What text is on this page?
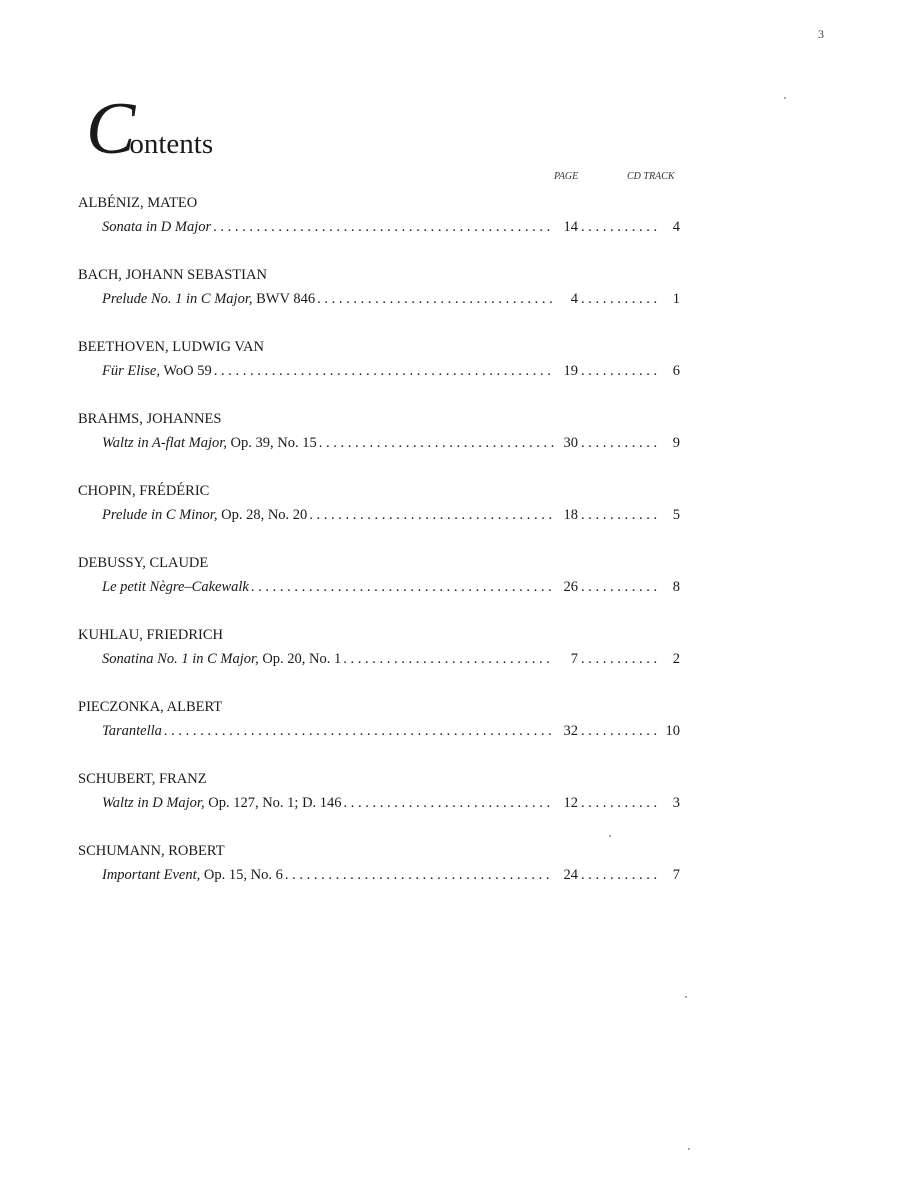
3
C ontents
PAGE	CD TRACK
ALBÉNIZ, MATEO
Sonata in D Major . . .	14 . . .	4
BACH, JOHANN SEBASTIAN
Prelude No. 1 in C Major, BWV 846 . . .	4 . . .	1
BEETHOVEN, LUDWIG VAN
Für Elise, WoO 59 . . .	19 . . .	6
BRAHMS, JOHANNES
Waltz in A-flat Major, Op. 39, No. 15 . . .	30 . . .	9
CHOPIN, FRÉDÉRIC
Prelude in C Minor, Op. 28, No. 20 . . .	18 . . .	5
DEBUSSY, CLAUDE
Le petit Nègre–Cakewalk . . .	26 . . .	8
KUHLAU, FRIEDRICH
Sonatina No. 1 in C Major, Op. 20, No. 1 . . .	7 . . .	2
PIECZONKA, ALBERT
Tarantella . . .	32 . . .	10
SCHUBERT, FRANZ
Waltz in D Major, Op. 127, No. 1; D. 146 . . .	12 . . .	3
SCHUMANN, ROBERT
Important Event, Op. 15, No. 6 . . .	24 . . .	7
